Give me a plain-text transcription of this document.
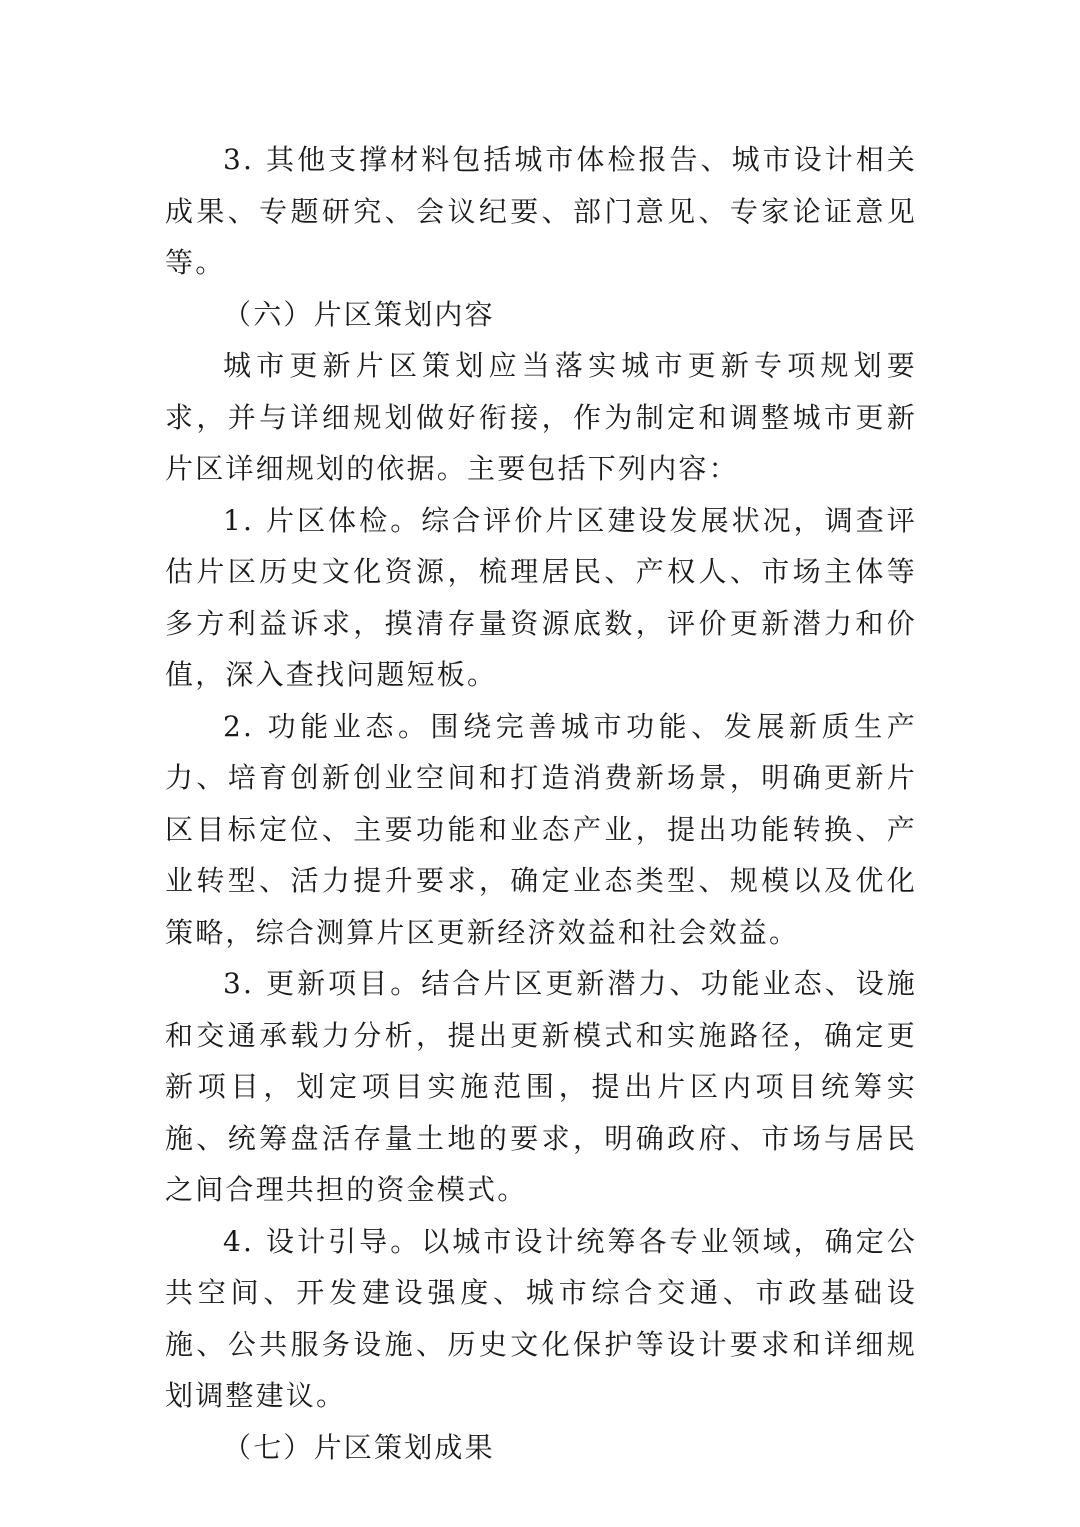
3. 其他支撑材料包括城市体检报告、城市设计相关成果、专题研究、会议纪要、部门意见、专家论证意见等。

（六）片区策划内容

城市更新片区策划应当落实城市更新专项规划要求，并与详细规划做好衔接，作为制定和调整城市更新片区详细规划的依据。主要包括下列内容：

1. 片区体检。综合评价片区建设发展状况，调查评估片区历史文化资源，梳理居民、产权人、市场主体等多方利益诉求，摸清存量资源底数，评价更新潜力和价值，深入查找问题短板。

2. 功能业态。围绕完善城市功能、发展新质生产力、培育创新创业空间和打造消费新场景，明确更新片区目标定位、主要功能和业态产业，提出功能转换、产业转型、活力提升要求，确定业态类型、规模以及优化策略，综合测算片区更新经济效益和社会效益。

3. 更新项目。结合片区更新潜力、功能业态、设施和交通承载力分析，提出更新模式和实施路径，确定更新项目，划定项目实施范围，提出片区内项目统筹实施、统筹盘活存量土地的要求，明确政府、市场与居民之间合理共担的资金模式。

4. 设计引导。以城市设计统筹各专业领域，确定公共空间、开发建设强度、城市综合交通、市政基础设施、公共服务设施、历史文化保护等设计要求和详细规划调整建议。

（七）片区策划成果
